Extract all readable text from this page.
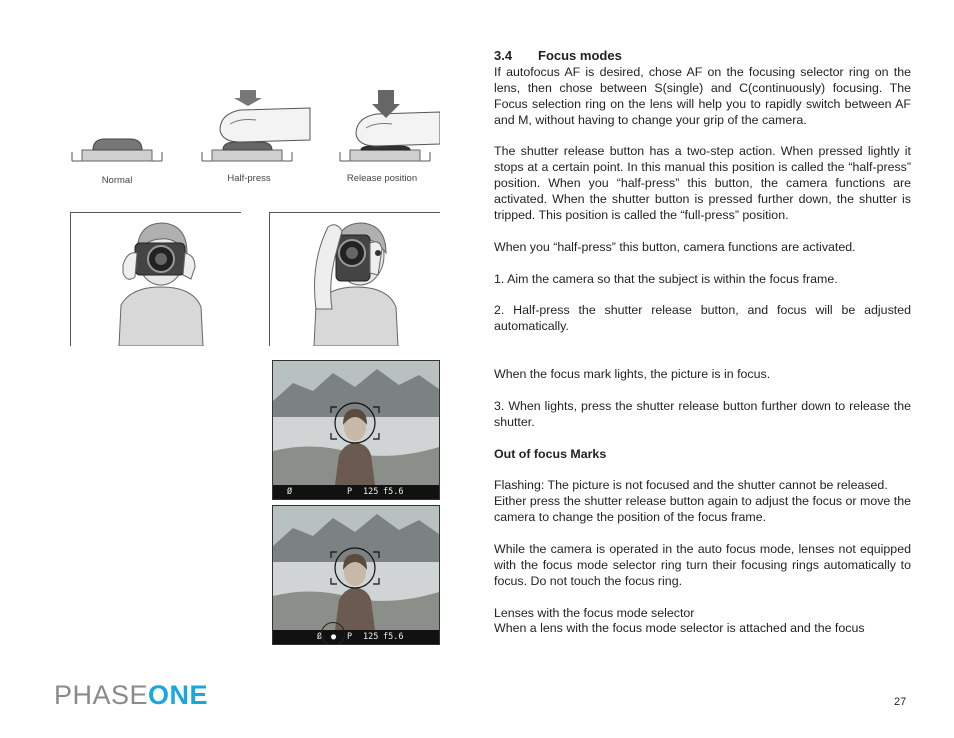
3.4 Focus modes

If autofocus AF is desired, chose AF on the focusing selector ring on the lens, then chose between S(single) and C(continuously) focusing. The Focus selection ring on the lens will help you to rapidly switch between AF and M, without having to change your grip of the camera.

The shutter release button has a two-step action. When pressed lightly it stops at a certain point. In this manual this position is called the “half-press” position. When you “half-press” this button, the camera functions are activated. When the shutter button is pressed further down, the shutter is tripped. This position is called the “full-press” position.

When you “half-press” this button, camera functions are activated.

1. Aim the camera so that the subject is within the focus frame.

2. Half-press the shutter release button, and focus will be adjusted automatically.

When the focus mark lights, the picture is in focus.

3. When lights, press the shutter release button further down to release the shutter.

Out of focus Marks

Flashing: The picture is not focused and the shutter cannot be released.

Either press the shutter release button again to adjust the focus or move the camera to change the position of the focus frame.

While the camera is operated in the auto focus mode, lenses not equipped with the focus mode selector ring turn their focusing rings automatically to focus. Do not touch the focus ring.

Lenses with the focus mode selector

When a lens with the focus mode selector is attached and the focus

Normal	Half-press	Release position
Ø	P 125 f5.6
Ø ● P 125 f5.6
PHASEONE	27
